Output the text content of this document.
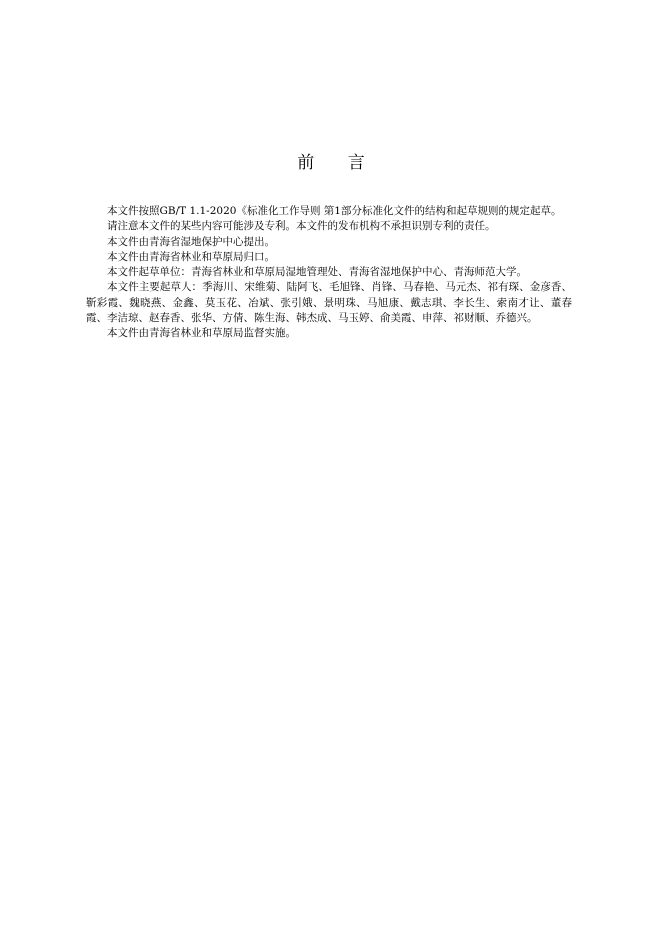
前 言

本文件按照GB/T 1.1-2020《标准化工作导则 第1部分标准化文件的结构和起草规则的规定起草。

请注意本文件的某些内容可能涉及专利。本文件的发布机构不承担识别专利的责任。

本文件由青海省湿地保护中心提出。

本文件由青海省林业和草原局归口。

本文件起草单位：青海省林业和草原局湿地管理处、青海省湿地保护中心、青海师范大学。

本文件主要起草人：季海川、宋维菊、陆阿飞、毛旭锋、肖锋、马春艳、马元杰、祁有琛、金彦香、靳彩霞、魏晓燕、金鑫、莫玉花、冶斌、张引娥、景明珠、马旭康、戴志琪、李长生、索南才让、董春霞、李洁琼、赵春香、张华、方倩、陈生海、韩杰成、马玉婷、俞美霞、申萍、祁财顺、乔德兴。

本文件由青海省林业和草原局监督实施。
